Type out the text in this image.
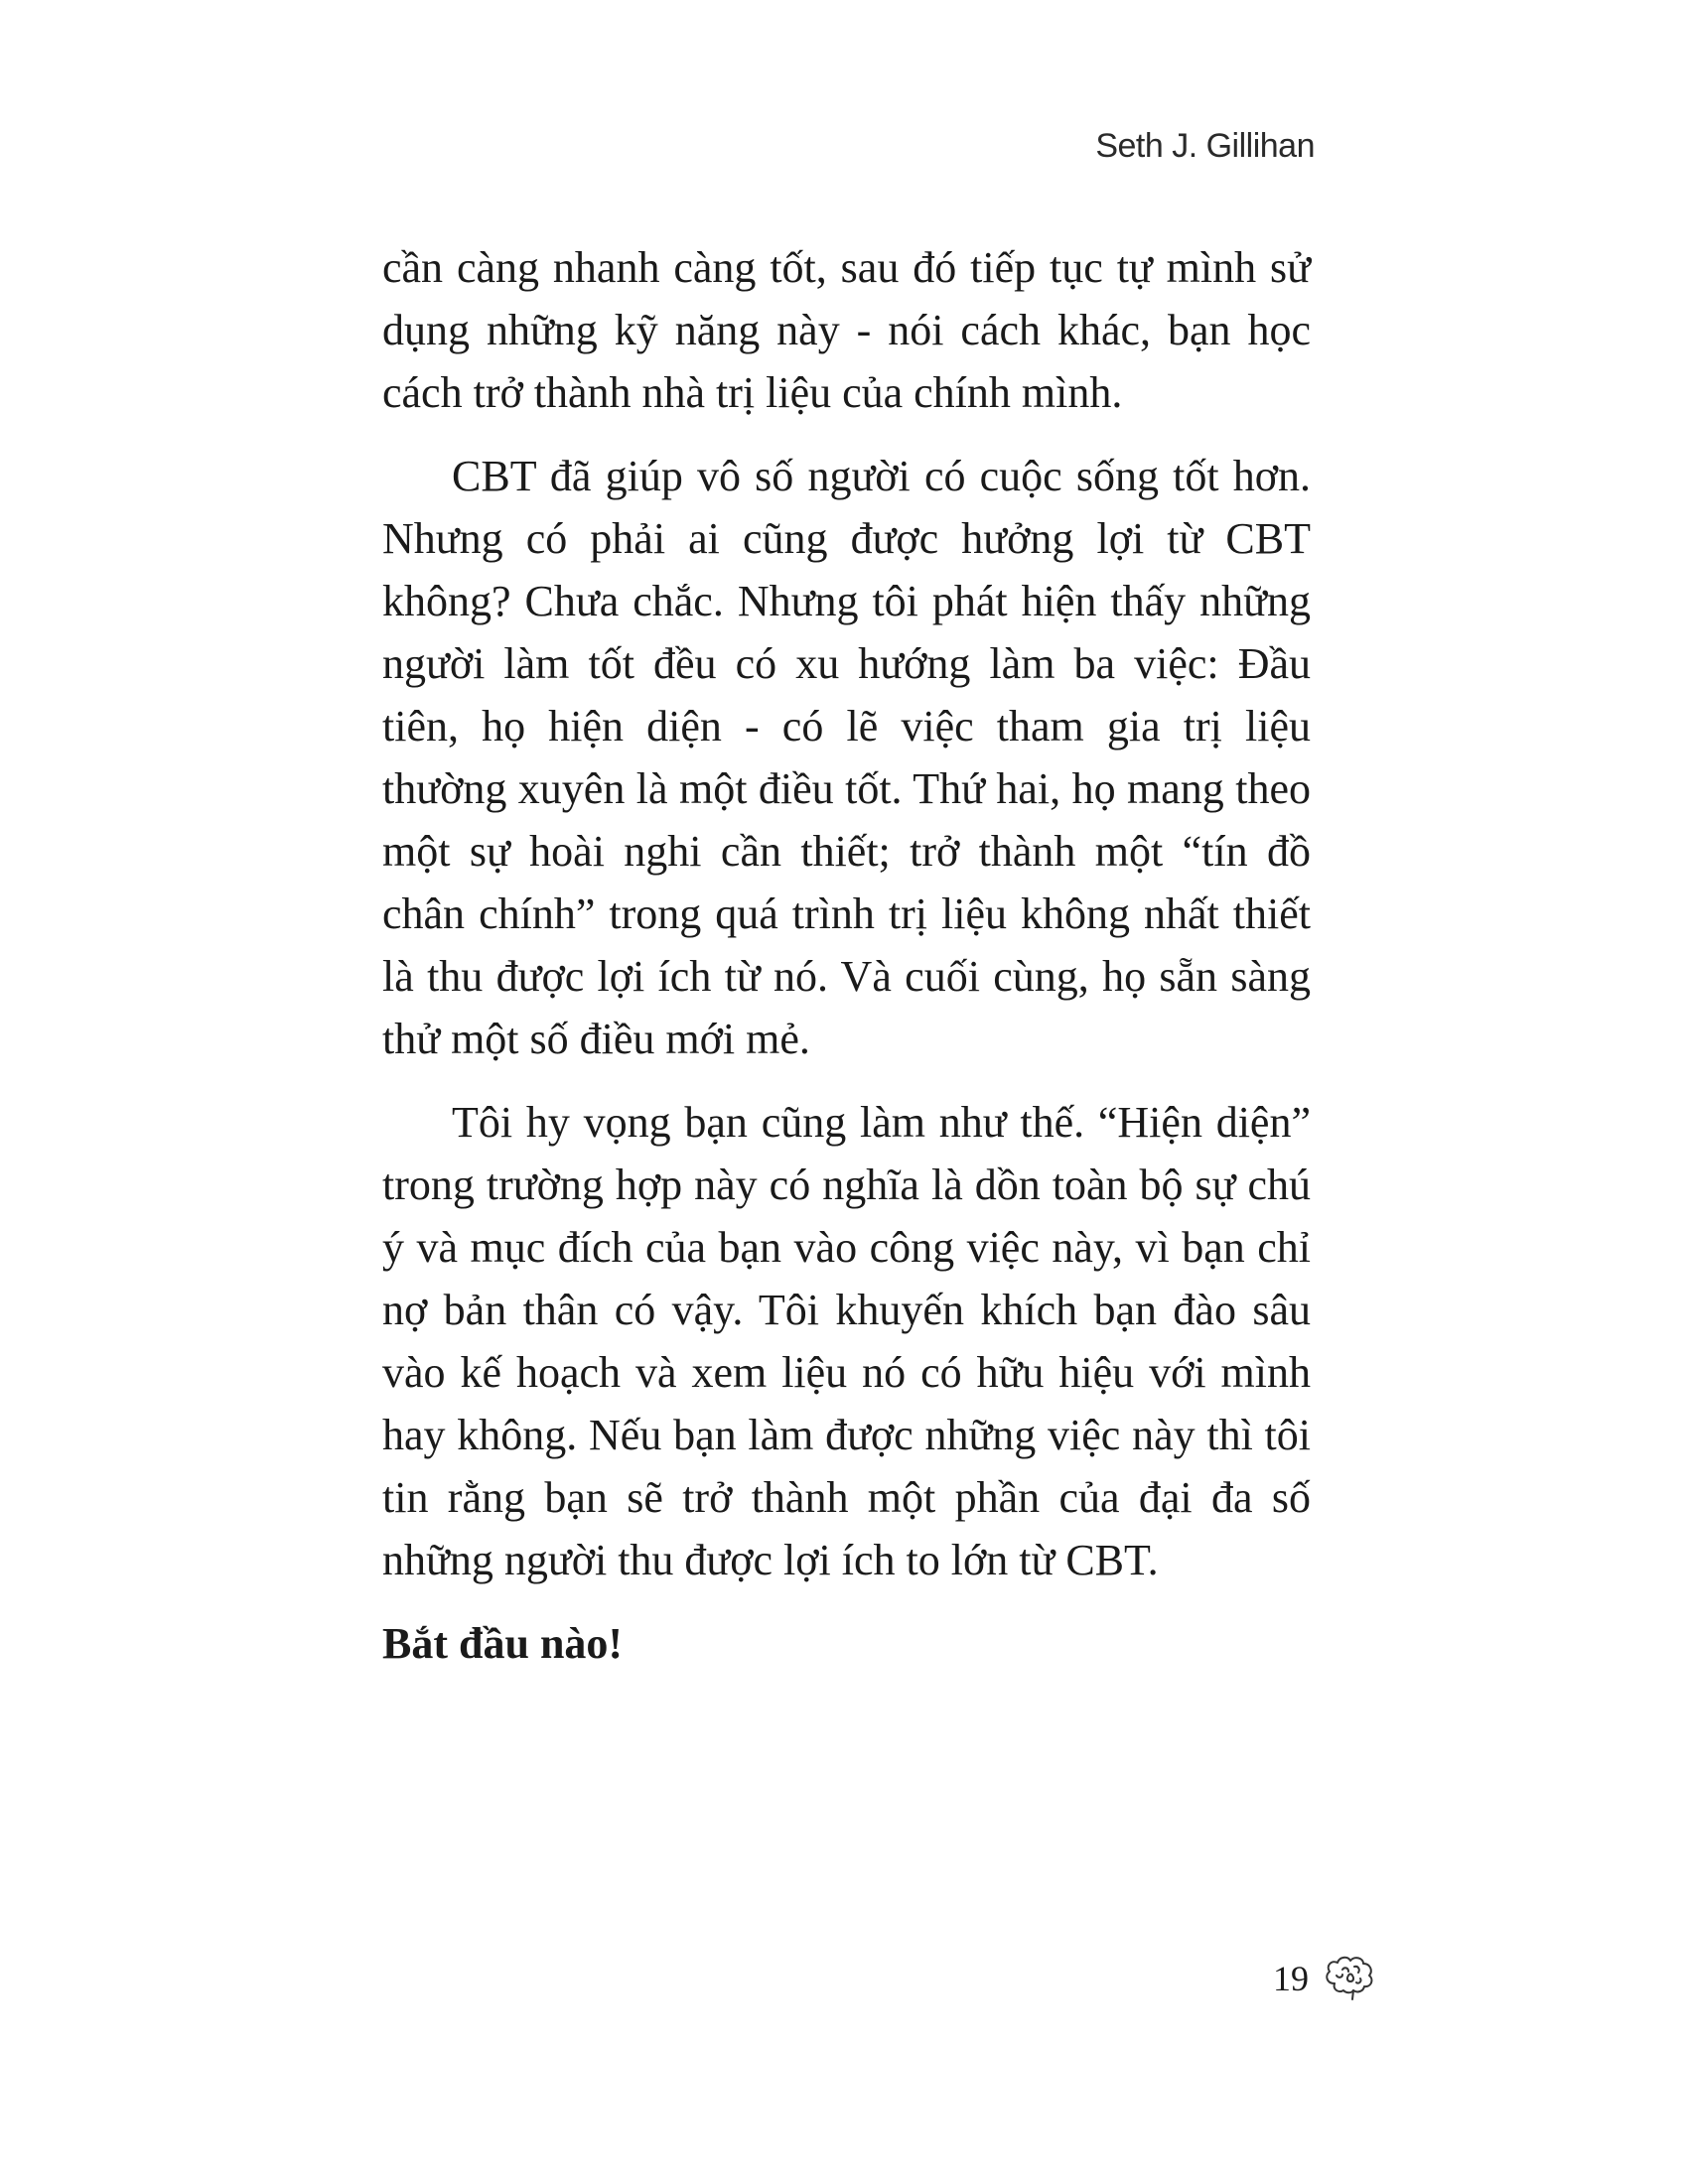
Seth J. Gillihan

cần càng nhanh càng tốt, sau đó tiếp tục tự mình sử dụng những kỹ năng này - nói cách khác, bạn học cách trở thành nhà trị liệu của chính mình.

CBT đã giúp vô số người có cuộc sống tốt hơn. Nhưng có phải ai cũng được hưởng lợi từ CBT không? Chưa chắc. Nhưng tôi phát hiện thấy những người làm tốt đều có xu hướng làm ba việc: Đầu tiên, họ hiện diện - có lẽ việc tham gia trị liệu thường xuyên là một điều tốt. Thứ hai, họ mang theo một sự hoài nghi cần thiết; trở thành một “tín đồ chân chính” trong quá trình trị liệu không nhất thiết là thu được lợi ích từ nó. Và cuối cùng, họ sẵn sàng thử một số điều mới mẻ.

Tôi hy vọng bạn cũng làm như thế. “Hiện diện” trong trường hợp này có nghĩa là dồn toàn bộ sự chú ý và mục đích của bạn vào công việc này, vì bạn chỉ nợ bản thân có vậy. Tôi khuyến khích bạn đào sâu vào kế hoạch và xem liệu nó có hữu hiệu với mình hay không. Nếu bạn làm được những việc này thì tôi tin rằng bạn sẽ trở thành một phần của đại đa số những người thu được lợi ích to lớn từ CBT.

Bắt đầu nào!

19
